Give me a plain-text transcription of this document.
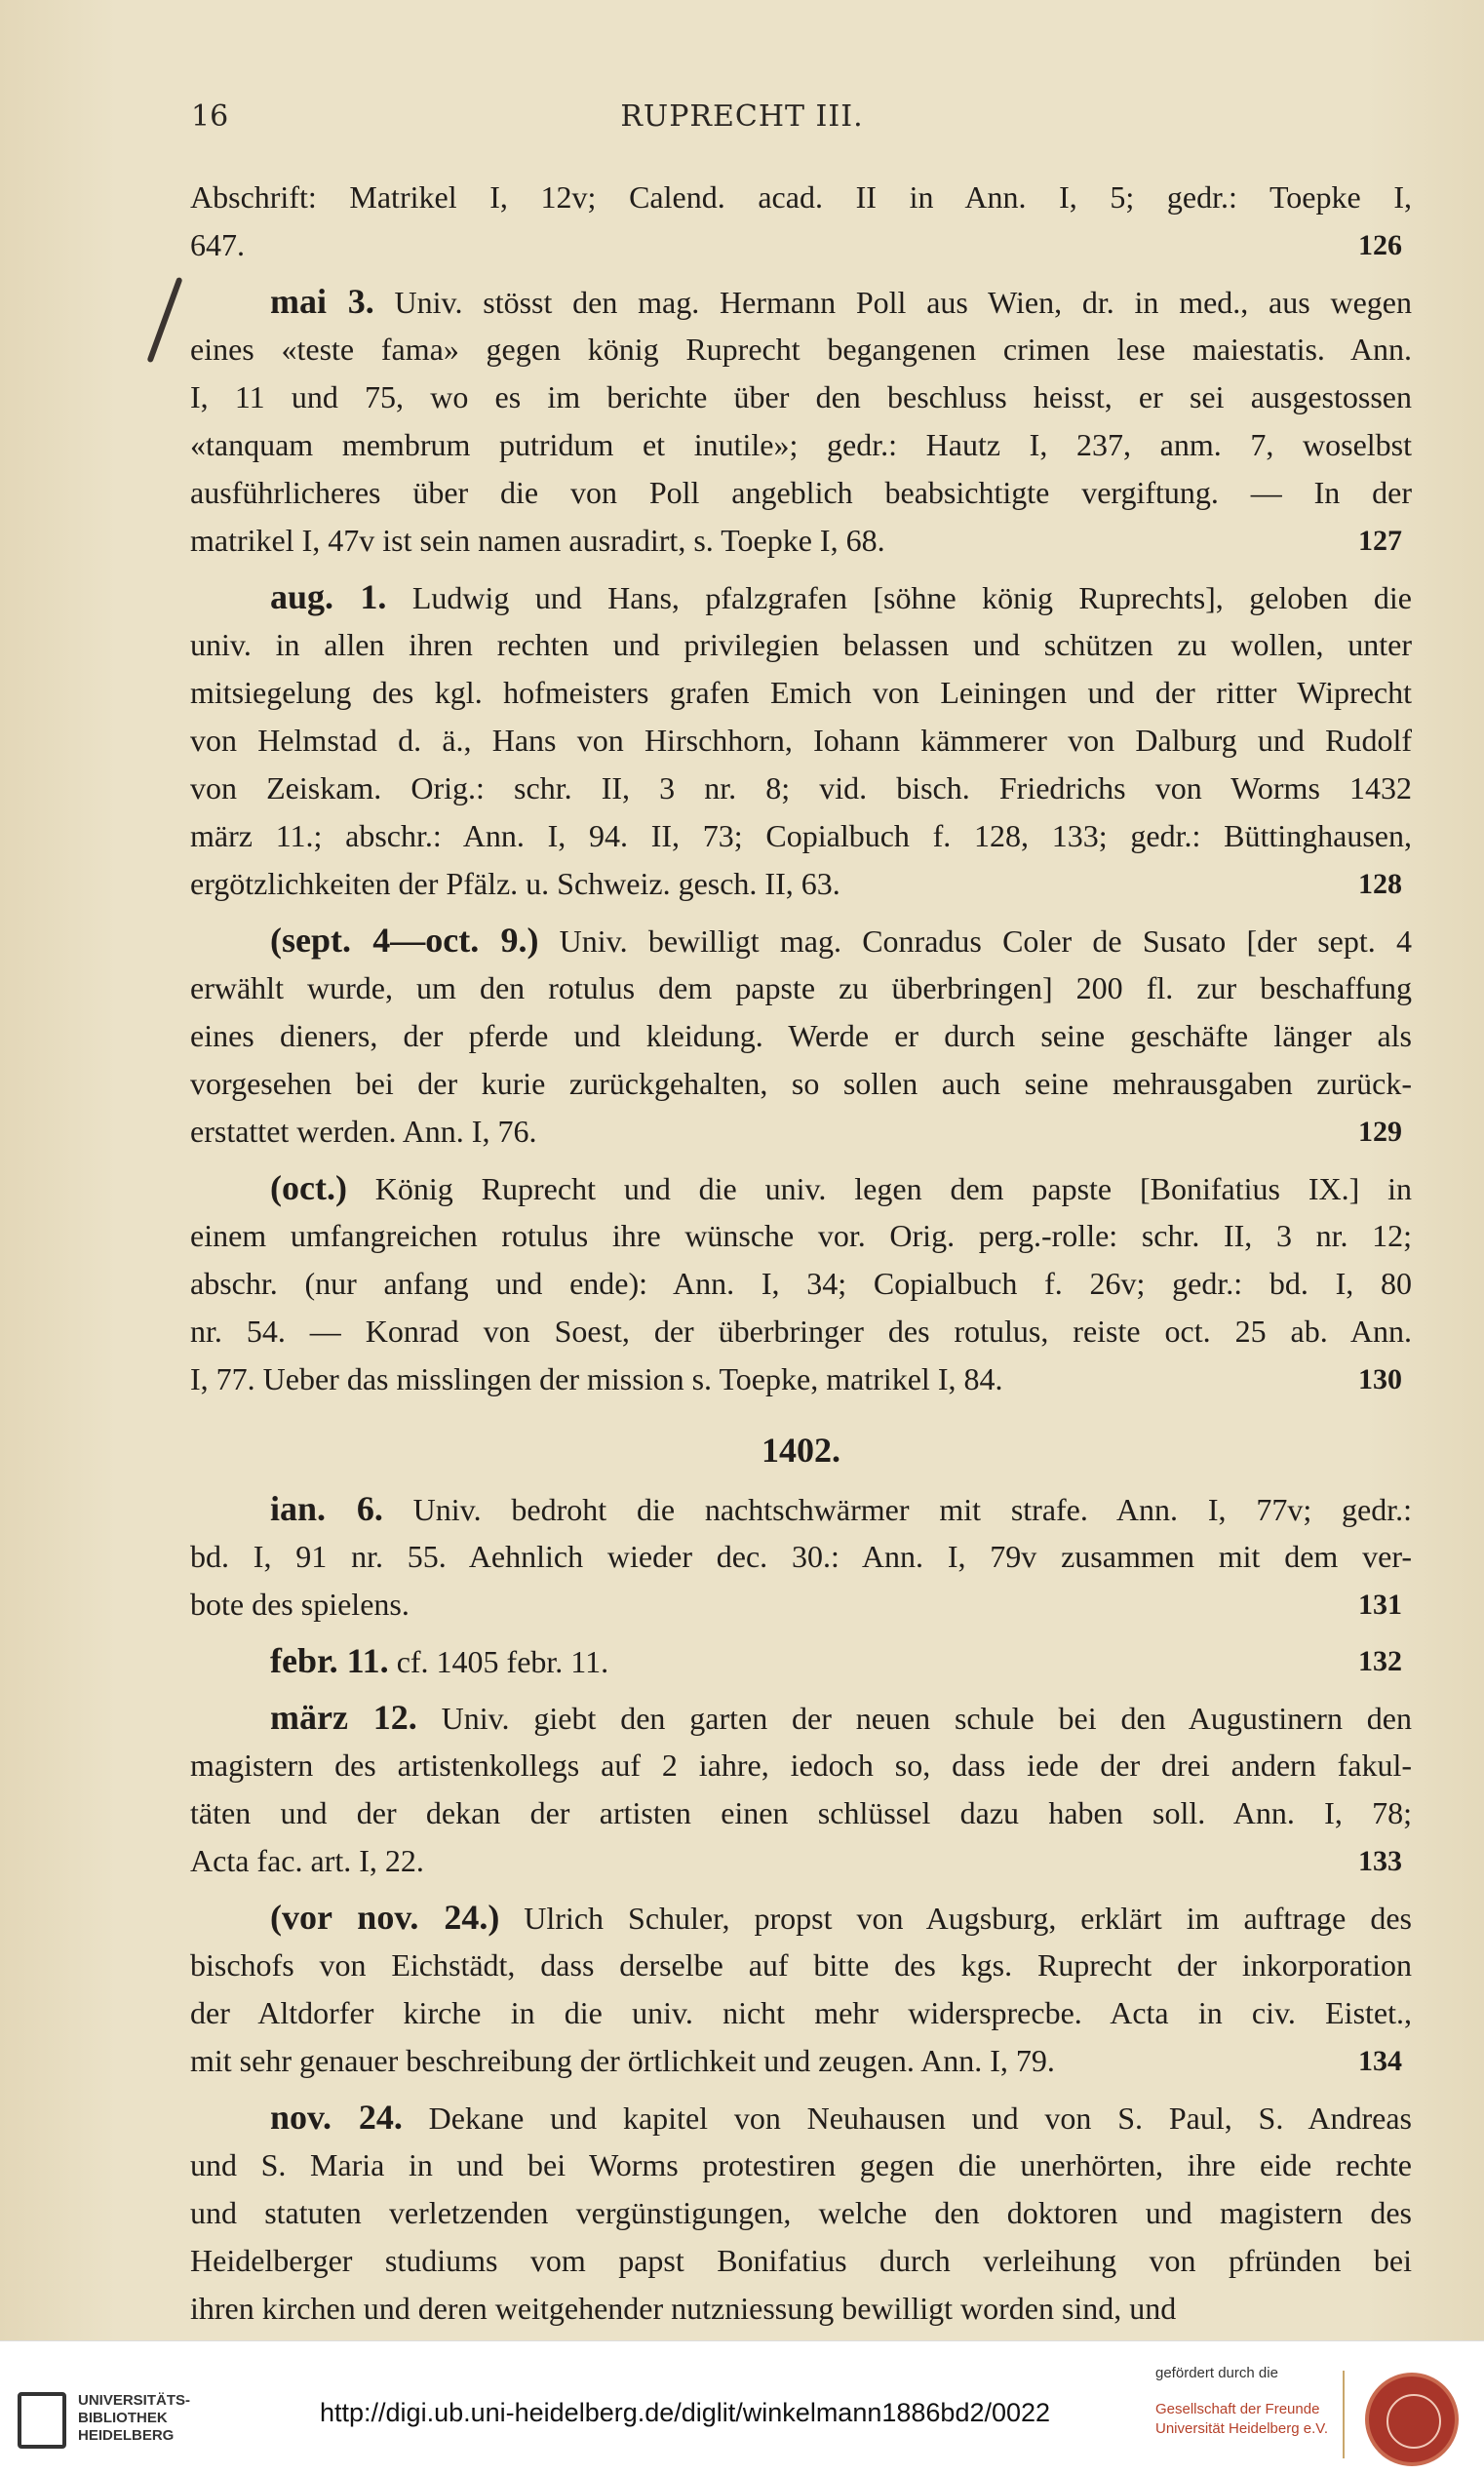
16	RUPRECHT III.
Abschrift: Matrikel I, 12v; Calend. acad. II in Ann. I, 5; gedr.: Toepke I,
647.	126
mai 3. Univ. stösst den mag. Hermann Poll aus Wien, dr. in med., aus wegen
eines «teste fama» gegen könig Ruprecht begangenen crimen lese maiestatis. Ann.
I, 11 und 75, wo es im berichte über den beschluss heisst, er sei ausgestossen
«tanquam membrum putridum et inutile»; gedr.: Hautz I, 237, anm. 7, woselbst
ausführlicheres über die von Poll angeblich beabsichtigte vergiftung. — In der
matrikel I, 47v ist sein namen ausradirt, s. Toepke I, 68.	127
aug. 1. Ludwig und Hans, pfalzgrafen [söhne könig Ruprechts], geloben die
univ. in allen ihren rechten und privilegien belassen und schützen zu wollen, unter
mitsiegelung des kgl. hofmeisters grafen Emich von Leiningen und der ritter Wiprecht
von Helmstad d. ä., Hans von Hirschhorn, Iohann kämmerer von Dalburg und Rudolf
von Zeiskam. Orig.: schr. II, 3 nr. 8; vid. bisch. Friedrichs von Worms 1432
märz 11.; abschr.: Ann. I, 94. II, 73; Copialbuch f. 128, 133; gedr.: Büttinghausen,
ergötzlichkeiten der Pfälz. u. Schweiz. gesch. II, 63.	128
(sept. 4—oct. 9.) Univ. bewilligt mag. Conradus Coler de Susato [der sept. 4
erwählt wurde, um den rotulus dem papste zu überbringen] 200 fl. zur beschaffung
eines dieners, der pferde und kleidung. Werde er durch seine geschäfte länger als
vorgesehen bei der kurie zurückgehalten, so sollen auch seine mehrausgaben zurück-
erstattet werden. Ann. I, 76.	129
(oct.) König Ruprecht und die univ. legen dem papste [Bonifatius IX.] in
einem umfangreichen rotulus ihre wünsche vor. Orig. perg.-rolle: schr. II, 3 nr. 12;
abschr. (nur anfang und ende): Ann. I, 34; Copialbuch f. 26v; gedr.: bd. I, 80
nr. 54. — Konrad von Soest, der überbringer des rotulus, reiste oct. 25 ab. Ann.
I, 77. Ueber das misslingen der mission s. Toepke, matrikel I, 84.	130
1402.
ian. 6. Univ. bedroht die nachtschwärmer mit strafe. Ann. I, 77v; gedr.:
bd. I, 91 nr. 55. Aehnlich wieder dec. 30.: Ann. I, 79v zusammen mit dem ver-
bote des spielens.	131
febr. 11. cf. 1405 febr. 11.	132
märz 12. Univ. giebt den garten der neuen schule bei den Augustinern den
magistern des artistenkollegs auf 2 iahre, iedoch so, dass iede der drei andern fakul-
täten und der dekan der artisten einen schlüssel dazu haben soll. Ann. I, 78;
Acta fac. art. I, 22.	133
(vor nov. 24.) Ulrich Schuler, propst von Augsburg, erklärt im auftrage des
bischofs von Eichstädt, dass derselbe auf bitte des kgs. Ruprecht der inkorporation
der Altdorfer kirche in die univ. nicht mehr widersprecbe. Acta in civ. Eistet.,
mit sehr genauer beschreibung der örtlichkeit und zeugen. Ann. I, 79.	134
nov. 24. Dekane und kapitel von Neuhausen und von S. Paul, S. Andreas
und S. Maria in und bei Worms protestiren gegen die unerhörten, ihre eide rechte
und statuten verletzenden vergünstigungen, welche den doktoren und magistern des
Heidelberger studiums vom papst Bonifatius durch verleihung von pfründen bei
ihren kirchen und deren weitgehender nutzniessung bewilligt worden sind, und
UNIVERSITÄTS-
BIBLIOTHEK
HEIDELBERG
http://digi.ub.uni-heidelberg.de/diglit/winkelmann1886bd2/0022
gefördert durch die
Gesellschaft der Freunde
Universität Heidelberg e.V.
